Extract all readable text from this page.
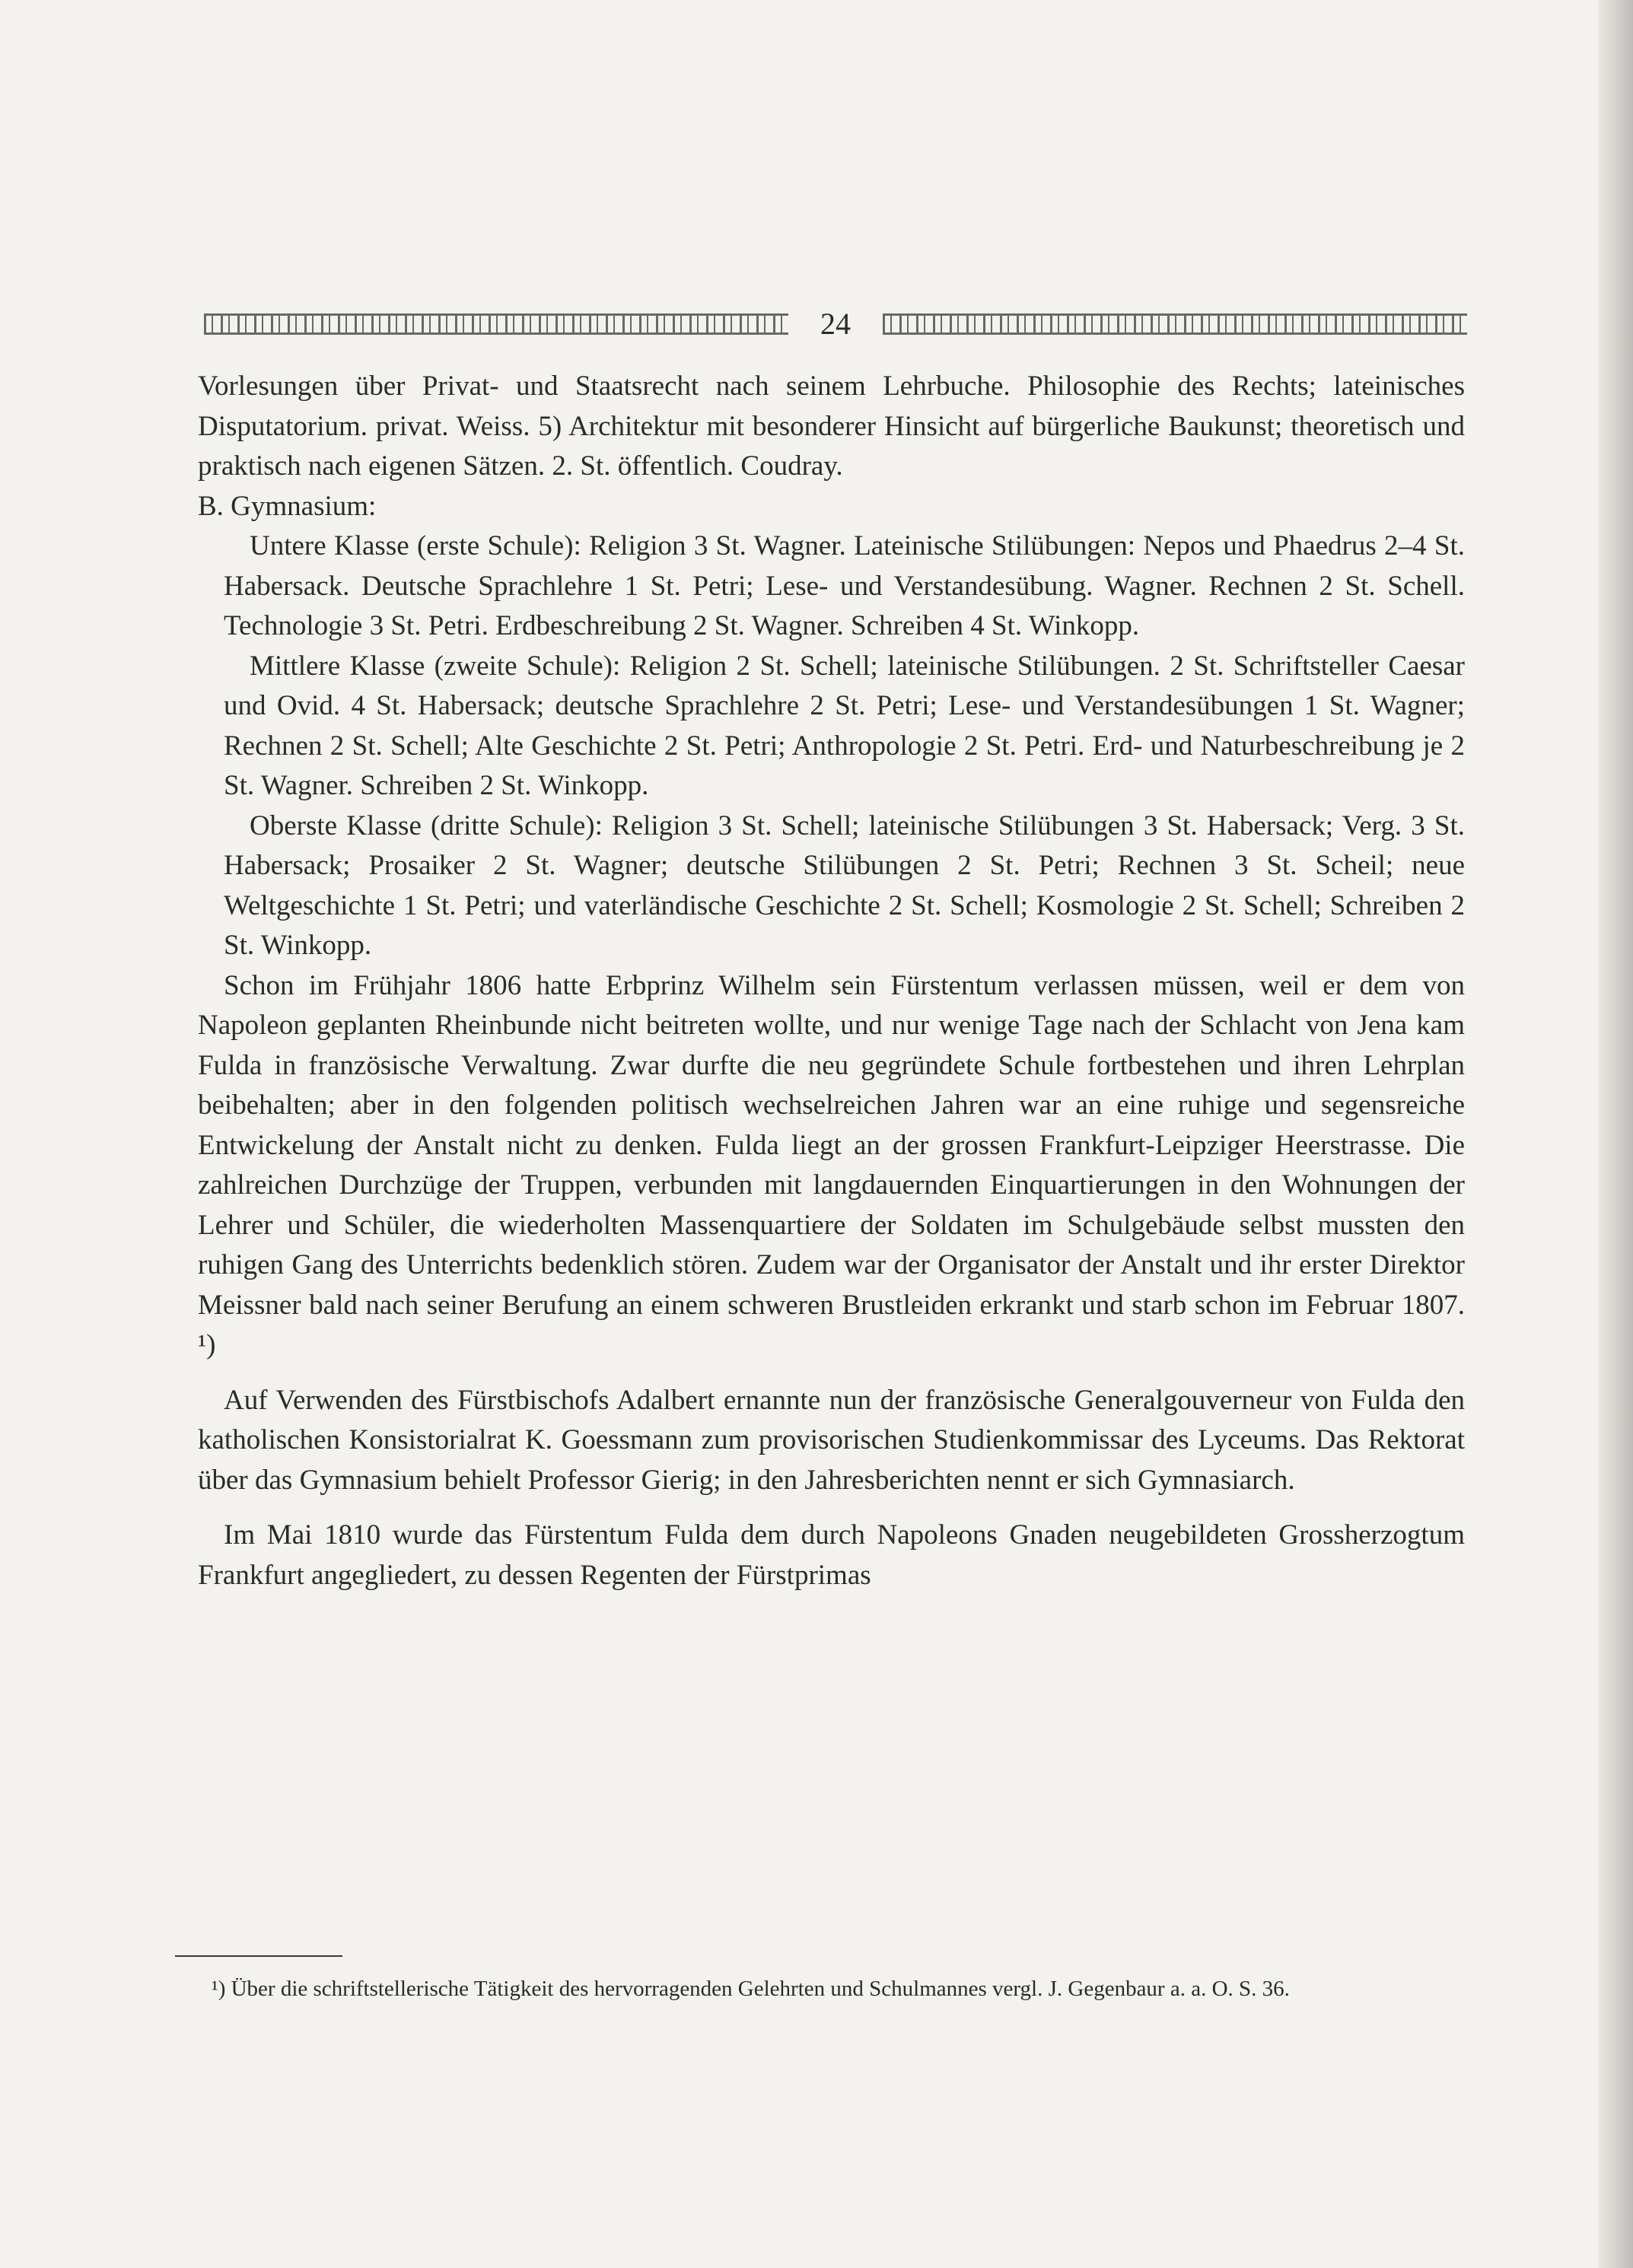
24

Vorlesungen über Privat- und Staatsrecht nach seinem Lehrbuche. Philosophie des Rechts; lateinisches Disputatorium. privat. Weiss. 5) Architektur mit besonderer Hinsicht auf bürgerliche Baukunst; theoretisch und praktisch nach eigenen Sätzen. 2. St. öffentlich. Coudray.

B. Gymnasium:

Untere Klasse (erste Schule): Religion 3 St. Wagner. Lateinische Stilübungen: Nepos und Phaedrus 2–4 St. Habersack. Deutsche Sprachlehre 1 St. Petri; Lese- und Verstandesübung. Wagner. Rechnen 2 St. Schell. Technologie 3 St. Petri. Erdbeschreibung 2 St. Wagner. Schreiben 4 St. Winkopp.

Mittlere Klasse (zweite Schule): Religion 2 St. Schell; lateinische Stilübungen. 2 St. Schriftsteller Caesar und Ovid. 4 St. Habersack; deutsche Sprachlehre 2 St. Petri; Lese- und Verstandesübungen 1 St. Wagner; Rechnen 2 St. Schell; Alte Geschichte 2 St. Petri; Anthropologie 2 St. Petri. Erd- und Naturbeschreibung je 2 St. Wagner. Schreiben 2 St. Winkopp.

Oberste Klasse (dritte Schule): Religion 3 St. Schell; lateinische Stilübungen 3 St. Habersack; Verg. 3 St. Habersack; Prosaiker 2 St. Wagner; deutsche Stilübungen 2 St. Petri; Rechnen 3 St. Scheil; neue Weltgeschichte 1 St. Petri; und vaterländische Geschichte 2 St. Schell; Kosmologie 2 St. Schell; Schreiben 2 St. Winkopp.

Schon im Frühjahr 1806 hatte Erbprinz Wilhelm sein Fürstentum verlassen müssen, weil er dem von Napoleon geplanten Rheinbunde nicht beitreten wollte, und nur wenige Tage nach der Schlacht von Jena kam Fulda in französische Verwaltung. Zwar durfte die neu gegründete Schule fortbestehen und ihren Lehrplan beibehalten; aber in den folgenden politisch wechselreichen Jahren war an eine ruhige und segensreiche Entwickelung der Anstalt nicht zu denken. Fulda liegt an der grossen Frankfurt-Leipziger Heerstrasse. Die zahlreichen Durchzüge der Truppen, verbunden mit langdauernden Einquartierungen in den Wohnungen der Lehrer und Schüler, die wiederholten Massenquartiere der Soldaten im Schulgebäude selbst mussten den ruhigen Gang des Unterrichts bedenklich stören. Zudem war der Organisator der Anstalt und ihr erster Direktor Meissner bald nach seiner Berufung an einem schweren Brustleiden erkrankt und starb schon im Februar 1807. ¹)

Auf Verwenden des Fürstbischofs Adalbert ernannte nun der französische Generalgouverneur von Fulda den katholischen Konsistorialrat K. Goessmann zum provisorischen Studienkommissar des Lyceums. Das Rektorat über das Gymnasium behielt Professor Gierig; in den Jahresberichten nennt er sich Gymnasiarch.

Im Mai 1810 wurde das Fürstentum Fulda dem durch Napoleons Gnaden neugebildeten Grossherzogtum Frankfurt angegliedert, zu dessen Regenten der Fürstprimas

¹) Über die schriftstellerische Tätigkeit des hervorragenden Gelehrten und Schulmannes vergl. J. Gegenbaur a. a. O. S. 36.
